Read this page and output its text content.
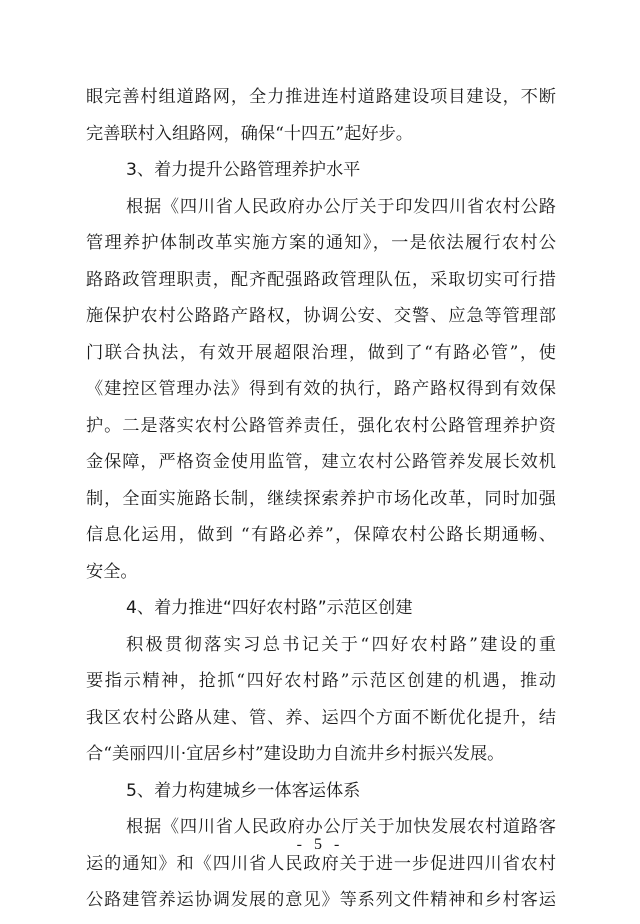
眼完善村组道路网，全力推进连村道路建设项目建设，不断
完善联村入组路网，确保“十四五”起好步。
3、着力提升公路管理养护水平
根据《四川省人民政府办公厅关于印发四川省农村公路
管理养护体制改革实施方案的通知》，一是依法履行农村公
路路政管理职责，配齐配强路政管理队伍，采取切实可行措
施保护农村公路路产路权，协调公安、交警、应急等管理部
门联合执法，有效开展超限治理，做到了“有路必管”，使
《建控区管理办法》得到有效的执行，路产路权得到有效保
护。二是落实农村公路管养责任，强化农村公路管理养护资
金保障，严格资金使用监管，建立农村公路管养发展长效机
制，全面实施路长制，继续探索养护市场化改革，同时加强
信息化运用，做到 “有路必养”，保障农村公路长期通畅、
安全。
4、着力推进“四好农村路”示范区创建
积极贯彻落实习总书记关于“四好农村路”建设的重
要指示精神，抢抓“四好农村路”示范区创建的机遇，推动
我区农村公路从建、管、养、运四个方面不断优化提升，结
合“美丽四川·宜居乡村”建设助力自流井乡村振兴发展。
5、着力构建城乡一体客运体系
根据《四川省人民政府办公厅关于加快发展农村道路客
运的通知》和《四川省人民政府关于进一步促进四川省农村
公路建管养运协调发展的意见》等系列文件精神和乡村客运
- 5 -
